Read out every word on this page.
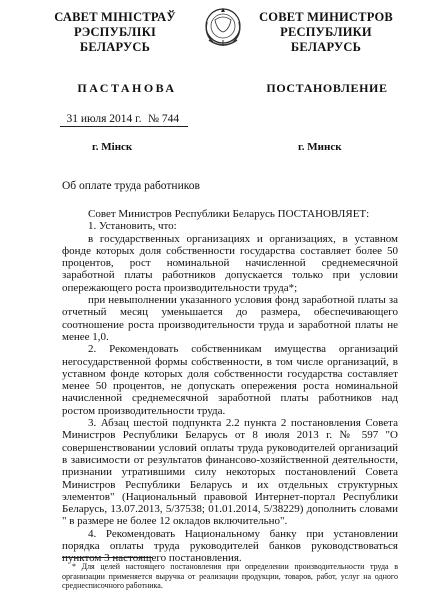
САВЕТ МІНІСТРАЎ
РЭСПУБЛІКІ БЕЛАРУСЬ
СОВЕТ МИНИСТРОВ
РЕСПУБЛИКИ БЕЛАРУСЬ
ПАСТАНОВА	ПОСТАНОВЛЕНИЕ
31 июля 2014 г. № 744
г. Мінск	г. Минск
Об оплате труда работников

Совет Министров Республики Беларусь ПОСТАНОВЛЯЕТ:

1. Установить, что:

в государственных организациях и организациях, в уставном фонде которых доля собственности государства составляет более 50 процентов, рост номинальной начисленной среднемесячной заработной платы работников допускается только при условии опережающего роста производительности труда*;

при невыполнении указанного условия фонд заработной платы за отчетный месяц уменьшается до размера, обеспечивающего соотношение роста производительности труда и заработной платы не менее 1,0.

2. Рекомендовать собственникам имущества организаций негосударственной формы собственности, в том числе организаций, в уставном фонде которых доля собственности государства составляет менее 50 процентов, не допускать опережения роста номинальной начисленной среднемесячной заработной платы работников над ростом производительности труда.

3. Абзац шестой подпункта 2.2 пункта 2 постановления Совета Министров Республики Беларусь от 8 июля 2013 г. № 597 "О совершенствовании условий оплаты труда руководителей организаций в зависимости от результатов финансово-хозяйственной деятельности, признании утратившими силу некоторых постановлений Совета Министров Республики Беларусь и их отдельных структурных элементов" (Национальный правовой Интернет-портал Республики Беларусь, 13.07.2013, 5/37538; 01.01.2014, 5/38229) дополнить словами " в размере не более 12 окладов включительно".

4. Рекомендовать Национальному банку при установлении порядка оплаты труда руководителей банков руководствоваться пунктом 3 настоящего постановления.

* Для целей настоящего постановления при определении производительности труда в организации применяется выручка от реализации продукции, товаров, работ, услуг на одного среднесписочного работника.
